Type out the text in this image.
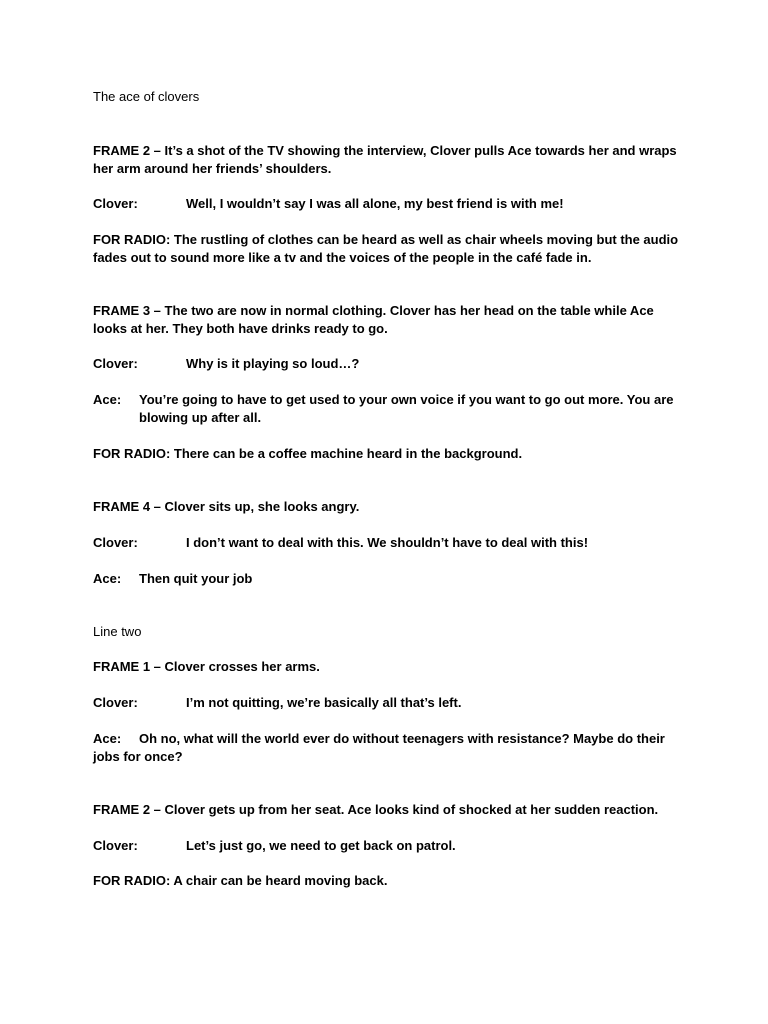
The ace of clovers

FRAME 2 – It’s a shot of the TV showing the interview, Clover pulls Ace towards her and wraps her arm around her friends’ shoulders.

Clover:	Well, I wouldn’t say I was all alone, my best friend is with me!

FOR RADIO: The rustling of clothes can be heard as well as chair wheels moving but the audio fades out to sound more like a tv and the voices of the people in the café fade in.

FRAME 3 – The two are now in normal clothing. Clover has her head on the table while Ace looks at her. They both have drinks ready to go.

Clover:	Why is it playing so loud…?
Ace: You’re going to have to get used to your own voice if you want to go out more. You are blowing up after all.

FOR RADIO: There can be a coffee machine heard in the background.

FRAME 4 – Clover sits up, she looks angry.

Clover:	I don’t want to deal with this. We shouldn’t have to deal with this!
Ace: Then quit your job

Line two

FRAME 1 – Clover crosses her arms.

Clover:	I’m not quitting, we’re basically all that’s left.
Ace: Oh no, what will the world ever do without teenagers with resistance? Maybe do their jobs for once?

FRAME 2 – Clover gets up from her seat. Ace looks kind of shocked at her sudden reaction.

Clover:	Let’s just go, we need to get back on patrol.

FOR RADIO: A chair can be heard moving back.
